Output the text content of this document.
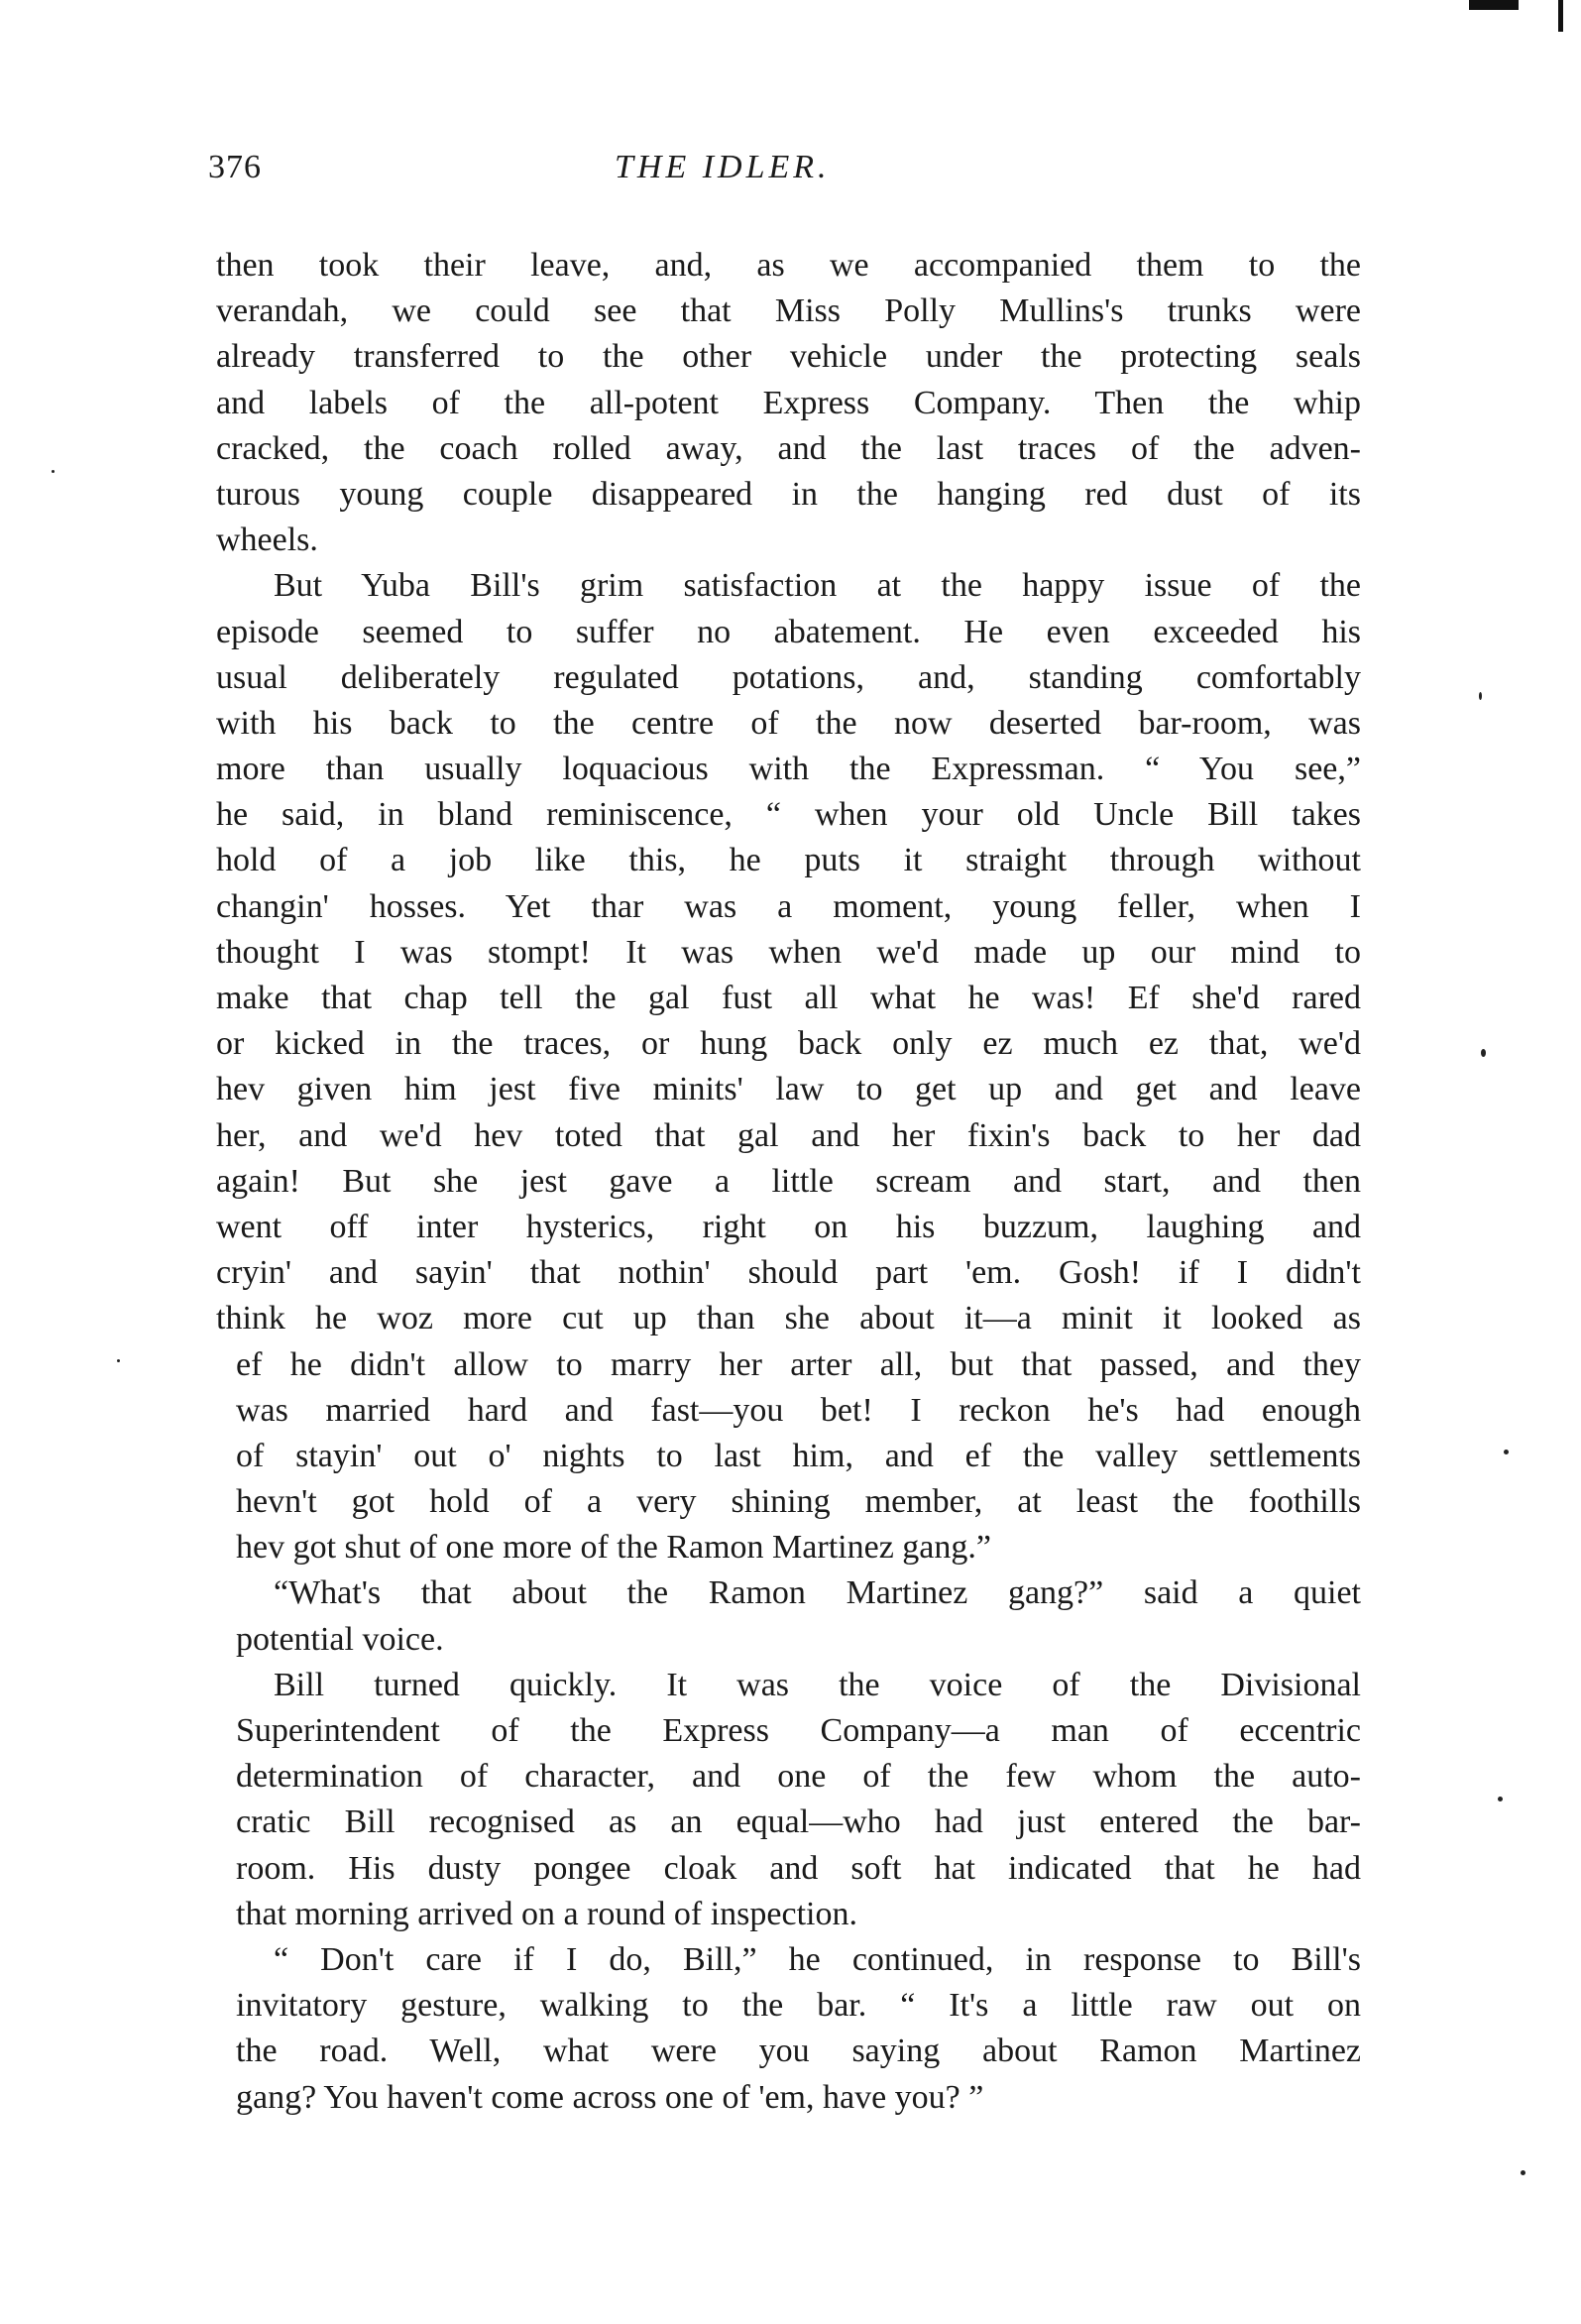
376	THE IDLER.
then took their leave, and, as we accompanied them to the
verandah, we could see that Miss Polly Mullins's trunks were
already transferred to the other vehicle under the protecting seals
and labels of the all-potent Express Company. Then the whip
cracked, the coach rolled away, and the last traces of the adven-
turous young couple disappeared in the hanging red dust of its
wheels.
But Yuba Bill's grim satisfaction at the happy issue of the
episode seemed to suffer no abatement. He even exceeded his
usual deliberately regulated potations, and, standing comfortably
with his back to the centre of the now deserted bar-room, was
more than usually loquacious with the Expressman. “ You see,”
he said, in bland reminiscence, “ when your old Uncle Bill takes
hold of a job like this, he puts it straight through without
changin' hosses. Yet thar was a moment, young feller, when I
thought I was stompt! It was when we'd made up our mind to
make that chap tell the gal fust all what he was! Ef she'd rared
or kicked in the traces, or hung back only ez much ez that, we'd
hev given him jest five minits' law to get up and get and leave
her, and we'd hev toted that gal and her fixin's back to her dad
again! But she jest gave a little scream and start, and then
went off inter hysterics, right on his buzzum, laughing and
cryin' and sayin' that nothin' should part 'em. Gosh! if I didn't
think he woz more cut up than she about it—a minit it looked as
ef he didn't allow to marry her arter all, but that passed, and they
was married hard and fast—you bet! I reckon he's had enough
of stayin' out o' nights to last him, and ef the valley settlements
hevn't got hold of a very shining member, at least the foothills
hev got shut of one more of the Ramon Martinez gang.”
“What's that about the Ramon Martinez gang?” said a quiet
potential voice.
Bill turned quickly. It was the voice of the Divisional
Superintendent of the Express Company—a man of eccentric
determination of character, and one of the few whom the auto-
cratic Bill recognised as an equal—who had just entered the bar-
room. His dusty pongee cloak and soft hat indicated that he had
that morning arrived on a round of inspection.
“ Don't care if I do, Bill,” he continued, in response to Bill's
invitatory gesture, walking to the bar. “ It's a little raw out on
the road. Well, what were you saying about Ramon Martinez
gang? You haven't come across one of 'em, have you? ”
